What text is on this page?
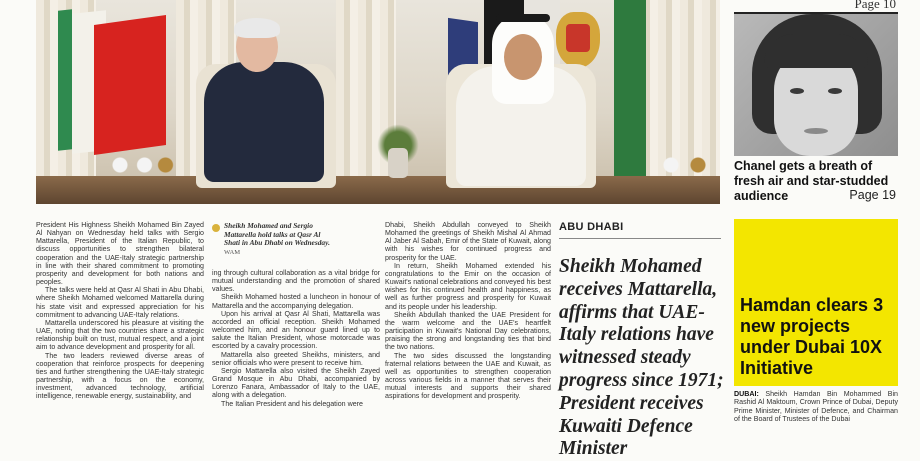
Page 10
Chanel gets a breath of fresh air and star-studded audience	Page 19

President His Highness Sheikh Mohamed Bin Zayed Al Nahyan on Wednesday held talks with Sergio Mattarella, President of the Italian Republic, to discuss opportunities to strengthen bilateral cooperation and the UAE-Italy strategic partnership in line with their shared commitment to promoting prosperity and development for both nations and peoples.

The talks were held at Qasr Al Shati in Abu Dhabi, where Sheikh Mohamed welcomed Mattarella during his state visit and expressed appreciation for his commitment to advancing UAE-Italy relations.

Mattarella underscored his pleasure at visiting the UAE, noting that the two countries share a strategic relationship built on trust, mutual respect, and a joint aim to advance development and prosperity for all.

The two leaders reviewed diverse areas of cooperation that reinforce prospects for deepening ties and further strengthening the UAE-Italy strategic partnership, with a focus on the economy, investment, advanced technology, artificial intelligence, renewable energy, sustainability, and

Sheikh Mohamed and Sergio Mattarella hold talks at Qasr Al Shati in Abu Dhabi on Wednesday.
WAM

ing through cultural collaboration as a vital bridge for mutual understanding and the promotion of shared values.

Sheikh Mohamed hosted a luncheon in honour of Mattarella and the accompanying delegation.

Upon his arrival at Qasr Al Shati, Mattarella was accorded an official reception. Sheikh Mohamed welcomed him, and an honour guard lined up to salute the Italian President, whose motorcade was escorted by a cavalry procession.

Mattarella also greeted Sheikhs, ministers, and senior officials who were present to receive him.

Sergio Mattarella also visited the Sheikh Zayed Grand Mosque in Abu Dhabi, accompanied by Lorenzo Fanara, Ambassador of Italy to the UAE, along with a delegation.

The Italian President and his delegation were

Dhabi, Sheikh Abdullah conveyed to Sheikh Mohamed the greetings of Sheikh Mishal Al Ahmad Al Jaber Al Sabah, Emir of the State of Kuwait, along with his wishes for continued progress and prosperity for the UAE.

In return, Sheikh Mohamed extended his congratulations to the Emir on the occasion of Kuwait's national celebrations and conveyed his best wishes for his continued health and happiness, as well as further progress and prosperity for Kuwait and its people under his leadership.

Sheikh Abdullah thanked the UAE President for the warm welcome and the UAE's heartfelt participation in Kuwait's National Day celebrations, praising the strong and longstanding ties that bind the two nations.

The two sides discussed the longstanding fraternal relations between the UAE and Kuwait, as well as opportunities to strengthen cooperation across various fields in a manner that serves their mutual interests and supports their shared aspirations for development and prosperity.

ABU DHABI
Sheikh Mohamed receives Mattarella, affirms that UAE-Italy relations have witnessed steady progress since 1971; President receives Kuwaiti Defence Minister
Hamdan clears 3 new projects under Dubai 10X Initiative
DUBAI: Sheikh Hamdan Bin Mohammed Bin Rashid Al Maktoum, Crown Prince of Dubai, Deputy Prime Minister, Minister of Defence, and Chairman of the Board of Trustees of the Dubai
